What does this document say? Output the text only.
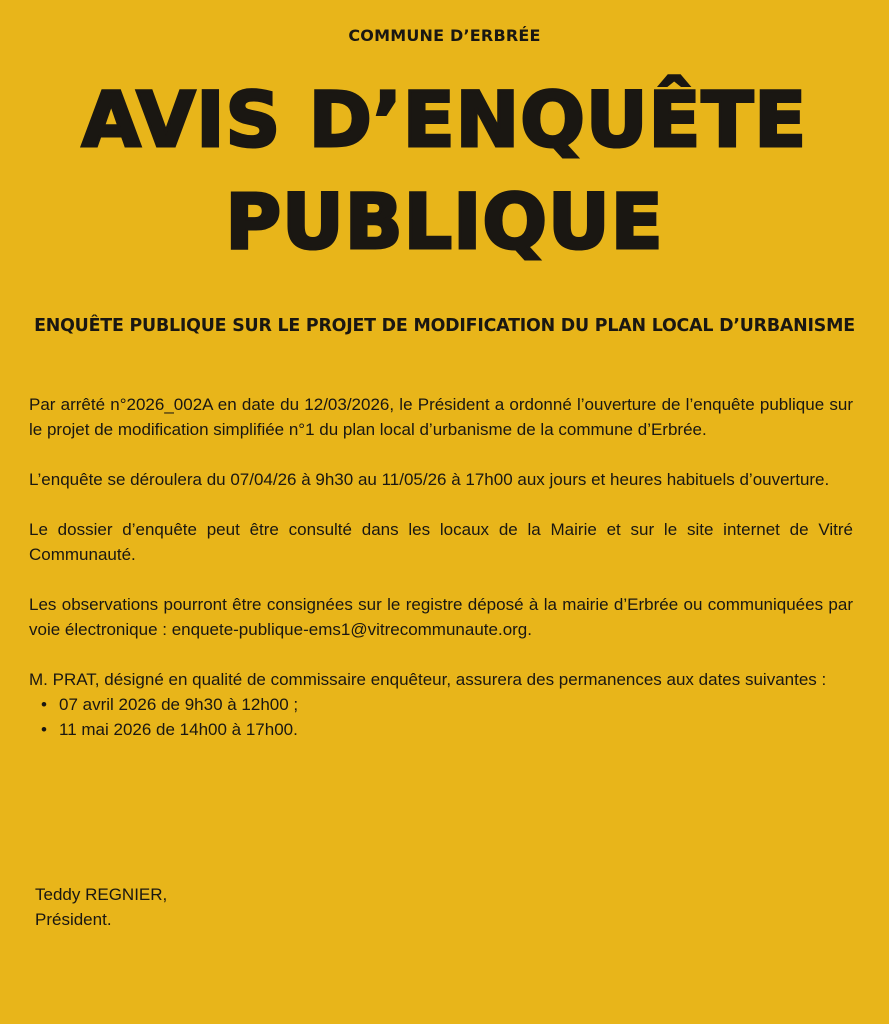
COMMUNE D’ERBRÉE
AVIS D’ENQUÊTE
PUBLIQUE
ENQUÊTE PUBLIQUE SUR LE PROJET DE MODIFICATION DU PLAN LOCAL D’URBANISME

Par arrêté n°2026_002A en date du 12/03/2026, le Président a ordonné l’ouverture de l’enquête publique sur le projet de modification simplifiée n°1 du plan local d’urbanisme de la commune d’Erbrée.

L’enquête se déroulera du 07/04/26 à 9h30 au 11/05/26 à 17h00 aux jours et heures habituels d’ouverture.

Le dossier d’enquête peut être consulté dans les locaux de la Mairie et sur le site internet de Vitré Communauté.

Les observations pourront être consignées sur le registre déposé à la mairie d’Erbrée ou communiquées par voie électronique : enquete-publique-ems1@vitrecommunaute.org.

M. PRAT, désigné en qualité de commissaire enquêteur, assurera des permanences aux dates suivantes :

• 07 avril 2026 de 9h30 à 12h00 ;
• 11 mai 2026 de 14h00 à 17h00.
Teddy REGNIER,
Président.
